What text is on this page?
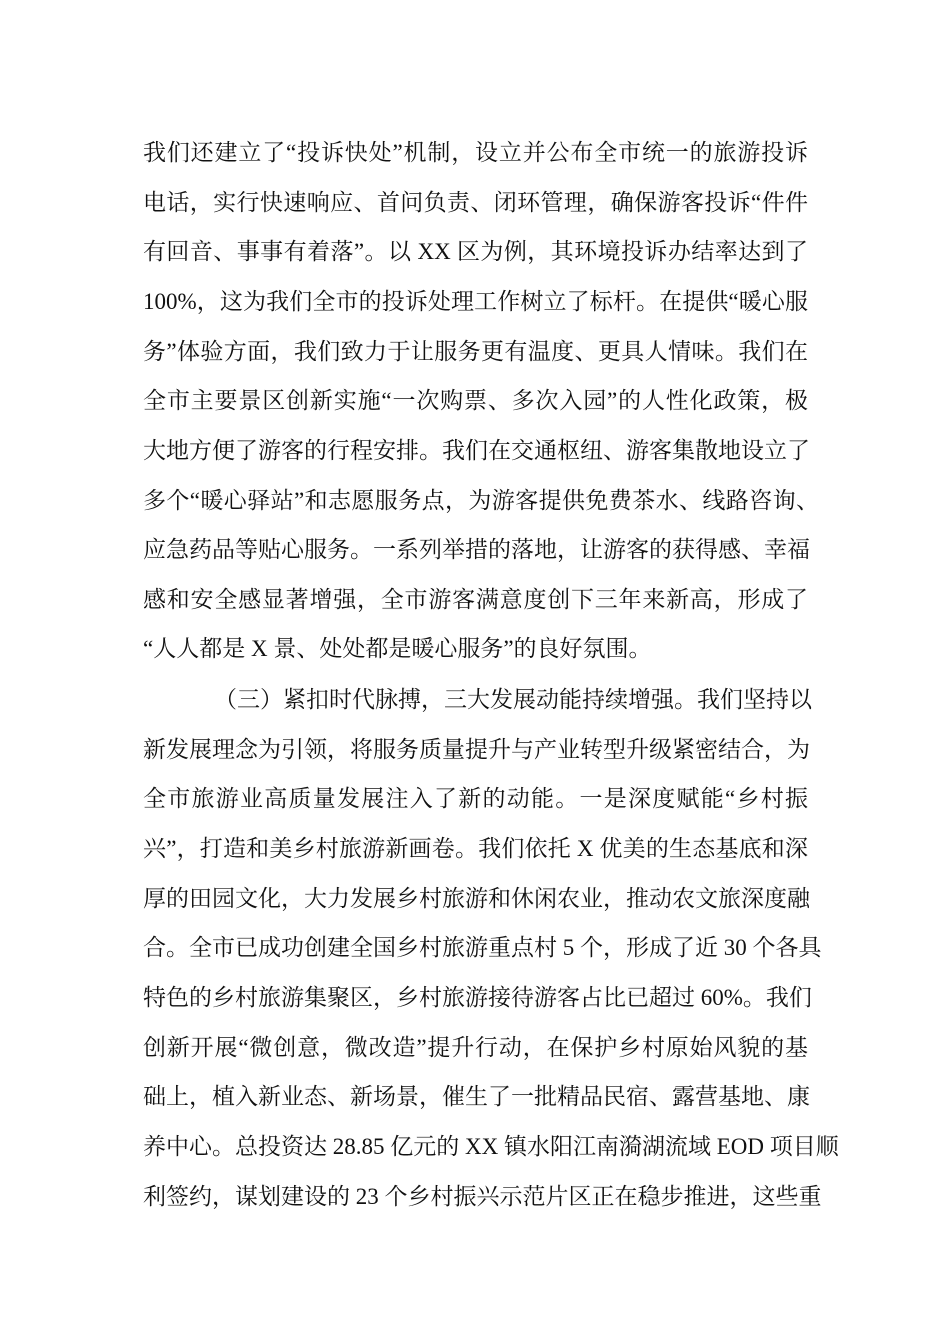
我们还建立了“投诉快处”机制，设立并公布全市统一的旅游投诉
电话，实行快速响应、首问负责、闭环管理，确保游客投诉“件件
有回音、事事有着落”。以 XX 区为例，其环境投诉办结率达到了
100%，这为我们全市的投诉处理工作树立了标杆。在提供“暖心服
务”体验方面，我们致力于让服务更有温度、更具人情味。我们在
全市主要景区创新实施“一次购票、多次入园”的人性化政策，极
大地方便了游客的行程安排。我们在交通枢纽、游客集散地设立了
多个“暖心驿站”和志愿服务点，为游客提供免费茶水、线路咨询、
应急药品等贴心服务。一系列举措的落地，让游客的获得感、幸福
感和安全感显著增强，全市游客满意度创下三年来新高，形成了
“人人都是 X 景、处处都是暖心服务”的良好氛围。
（三）紧扣时代脉搏，三大发展动能持续增强。我们坚持以
新发展理念为引领，将服务质量提升与产业转型升级紧密结合，为
全市旅游业高质量发展注入了新的动能。一是深度赋能“乡村振
兴”，打造和美乡村旅游新画卷。我们依托 X 优美的生态基底和深
厚的田园文化，大力发展乡村旅游和休闲农业，推动农文旅深度融
合。全市已成功创建全国乡村旅游重点村 5 个，形成了近 30 个各具
特色的乡村旅游集聚区，乡村旅游接待游客占比已超过 60%。我们
创新开展“微创意，微改造”提升行动，在保护乡村原始风貌的基
础上，植入新业态、新场景，催生了一批精品民宿、露营基地、康
养中心。总投资达 28.85 亿元的 XX 镇水阳江南漪湖流域 EOD 项目顺
利签约，谋划建设的 23 个乡村振兴示范片区正在稳步推进，这些重
